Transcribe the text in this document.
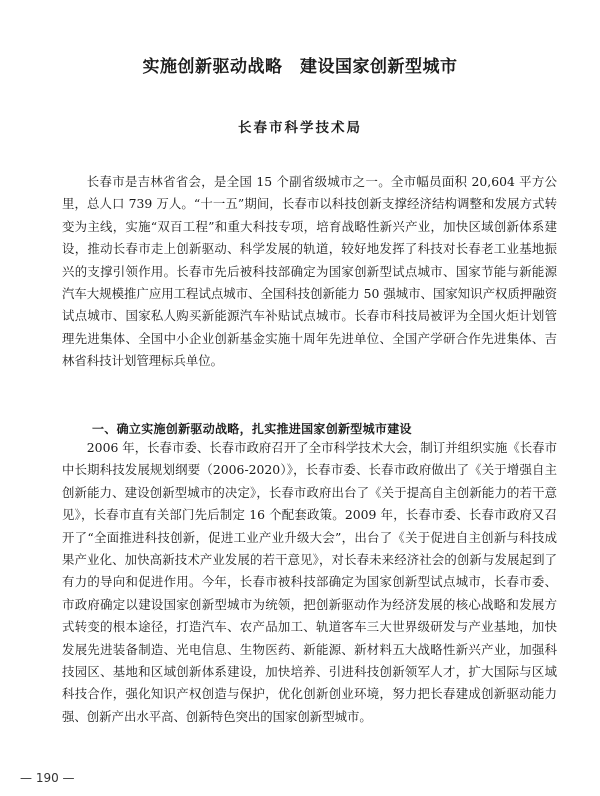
实施创新驱动战略　建设国家创新型城市
长春市科学技术局

长春市是吉林省省会，是全国 15 个副省级城市之一。全市幅员面积 20,604 平方公里，总人口 739 万人。“十一五”期间，长春市以科技创新支撑经济结构调整和发展方式转变为主线，实施“双百工程”和重大科技专项，培育战略性新兴产业，加快区域创新体系建设，推动长春市走上创新驱动、科学发展的轨道，较好地发挥了科技对长春老工业基地振兴的支撑引领作用。长春市先后被科技部确定为国家创新型试点城市、国家节能与新能源汽车大规模推广应用工程试点城市、全国科技创新能力 50 强城市、国家知识产权质押融资试点城市、国家私人购买新能源汽车补贴试点城市。长春市科技局被评为全国火炬计划管理先进集体、全国中小企业创新基金实施十周年先进单位、全国产学研合作先进集体、吉林省科技计划管理标兵单位。

一、确立实施创新驱动战略，扎实推进国家创新型城市建设

2006 年，长春市委、长春市政府召开了全市科学技术大会，制订并组织实施《长春市中长期科技发展规划纲要（2006-2020）》，长春市委、长春市政府做出了《关于增强自主创新能力、建设创新型城市的决定》，长春市政府出台了《关于提高自主创新能力的若干意见》，长春市直有关部门先后制定 16 个配套政策。2009 年，长春市委、长春市政府又召开了“全面推进科技创新，促进工业产业升级大会”，出台了《关于促进自主创新与科技成果产业化、加快高新技术产业发展的若干意见》，对长春未来经济社会的创新与发展起到了有力的导向和促进作用。今年，长春市被科技部确定为国家创新型试点城市，长春市委、市政府确定以建设国家创新型城市为统领，把创新驱动作为经济发展的核心战略和发展方式转变的根本途径，打造汽车、农产品加工、轨道客车三大世界级研发与产业基地，加快发展先进装备制造、光电信息、生物医药、新能源、新材料五大战略性新兴产业，加强科技园区、基地和区域创新体系建设，加快培养、引进科技创新领军人才，扩大国际与区域科技合作，强化知识产权创造与保护，优化创新创业环境，努力把长春建成创新驱动能力强、创新产出水平高、创新特色突出的国家创新型城市。

— 190 —
